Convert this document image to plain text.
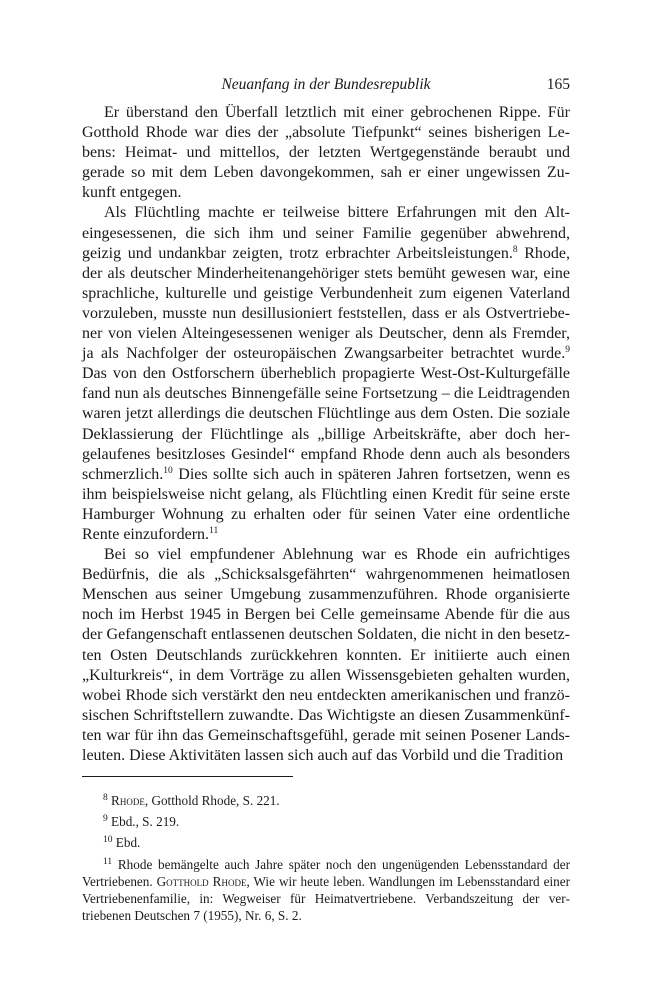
Neuanfang in der Bundesrepublik	165

Er überstand den Überfall letztlich mit einer gebrochenen Rippe. Für Gotthold Rhode war dies der „absolute Tiefpunkt“ seines bisherigen Lebens: Heimat- und mittellos, der letzten Wertgegenstände beraubt und gerade so mit dem Leben davongekommen, sah er einer ungewissen Zukunft entgegen.

Als Flüchtling machte er teilweise bittere Erfahrungen mit den Alteingesessenen, die sich ihm und seiner Familie gegenüber abwehrend, geizig und undankbar zeigten, trotz erbrachter Arbeitsleistungen.$^8$ Rhode, der als deutscher Minderheitenangehöriger stets bemüht gewesen war, eine sprachliche, kulturelle und geistige Verbundenheit zum eigenen Vaterland vorzuleben, musste nun desillusioniert feststellen, dass er als Ostvertriebener von vielen Alteingesessenen weniger als Deutscher, denn als Fremder, ja als Nachfolger der osteuropäischen Zwangsarbeiter betrachtet wurde.$^9$ Das von den Ostforschern überheblich propagierte West-Ost-Kulturgefälle fand nun als deutsches Binnengefälle seine Fortsetzung – die Leidtragenden waren jetzt allerdings die deutschen Flüchtlinge aus dem Osten. Die soziale Deklassierung der Flüchtlinge als „billige Arbeitskräfte, aber doch hergelaufenes besitzloses Gesindel“ empfand Rhode denn auch als besonders schmerzlich.$^{10}$ Dies sollte sich auch in späteren Jahren fortsetzen, wenn es ihm beispielsweise nicht gelang, als Flüchtling einen Kredit für seine erste Hamburger Wohnung zu erhalten oder für seinen Vater eine ordentliche Rente einzufordern.$^{11}$

Bei so viel empfundener Ablehnung war es Rhode ein aufrichtiges Bedürfnis, die als „Schicksalsgefährten“ wahrgenommenen heimatlosen Menschen aus seiner Umgebung zusammenzuführen. Rhode organisierte noch im Herbst 1945 in Bergen bei Celle gemeinsame Abende für die aus der Gefangenschaft entlassenen deutschen Soldaten, die nicht in den besetzten Osten Deutschlands zurückkehren konnten. Er initiierte auch einen „Kulturkreis“, in dem Vorträge zu allen Wissensgebieten gehalten wurden, wobei Rhode sich verstärkt den neu entdeckten amerikanischen und französischen Schriftstellern zuwandte. Das Wichtigste an diesen Zusammenkünften war für ihn das Gemeinschaftsgefühl, gerade mit seinen Posener Landsleuten. Diese Aktivitäten lassen sich auch auf das Vorbild und die Tradition

$^8$ Rhode, Gotthold Rhode, S. 221.

$^9$ Ebd., S. 219.

$^{10}$ Ebd.

$^{11}$ Rhode bemängelte auch Jahre später noch den ungenügenden Lebensstandard der Vertriebenen. Gotthold Rhode, Wie wir heute leben. Wandlungen im Lebensstandard einer Vertriebenenfamilie, in: Wegweiser für Heimatvertriebene. Verbandszeitung der vertriebenen Deutschen 7 (1955), Nr. 6, S. 2.
